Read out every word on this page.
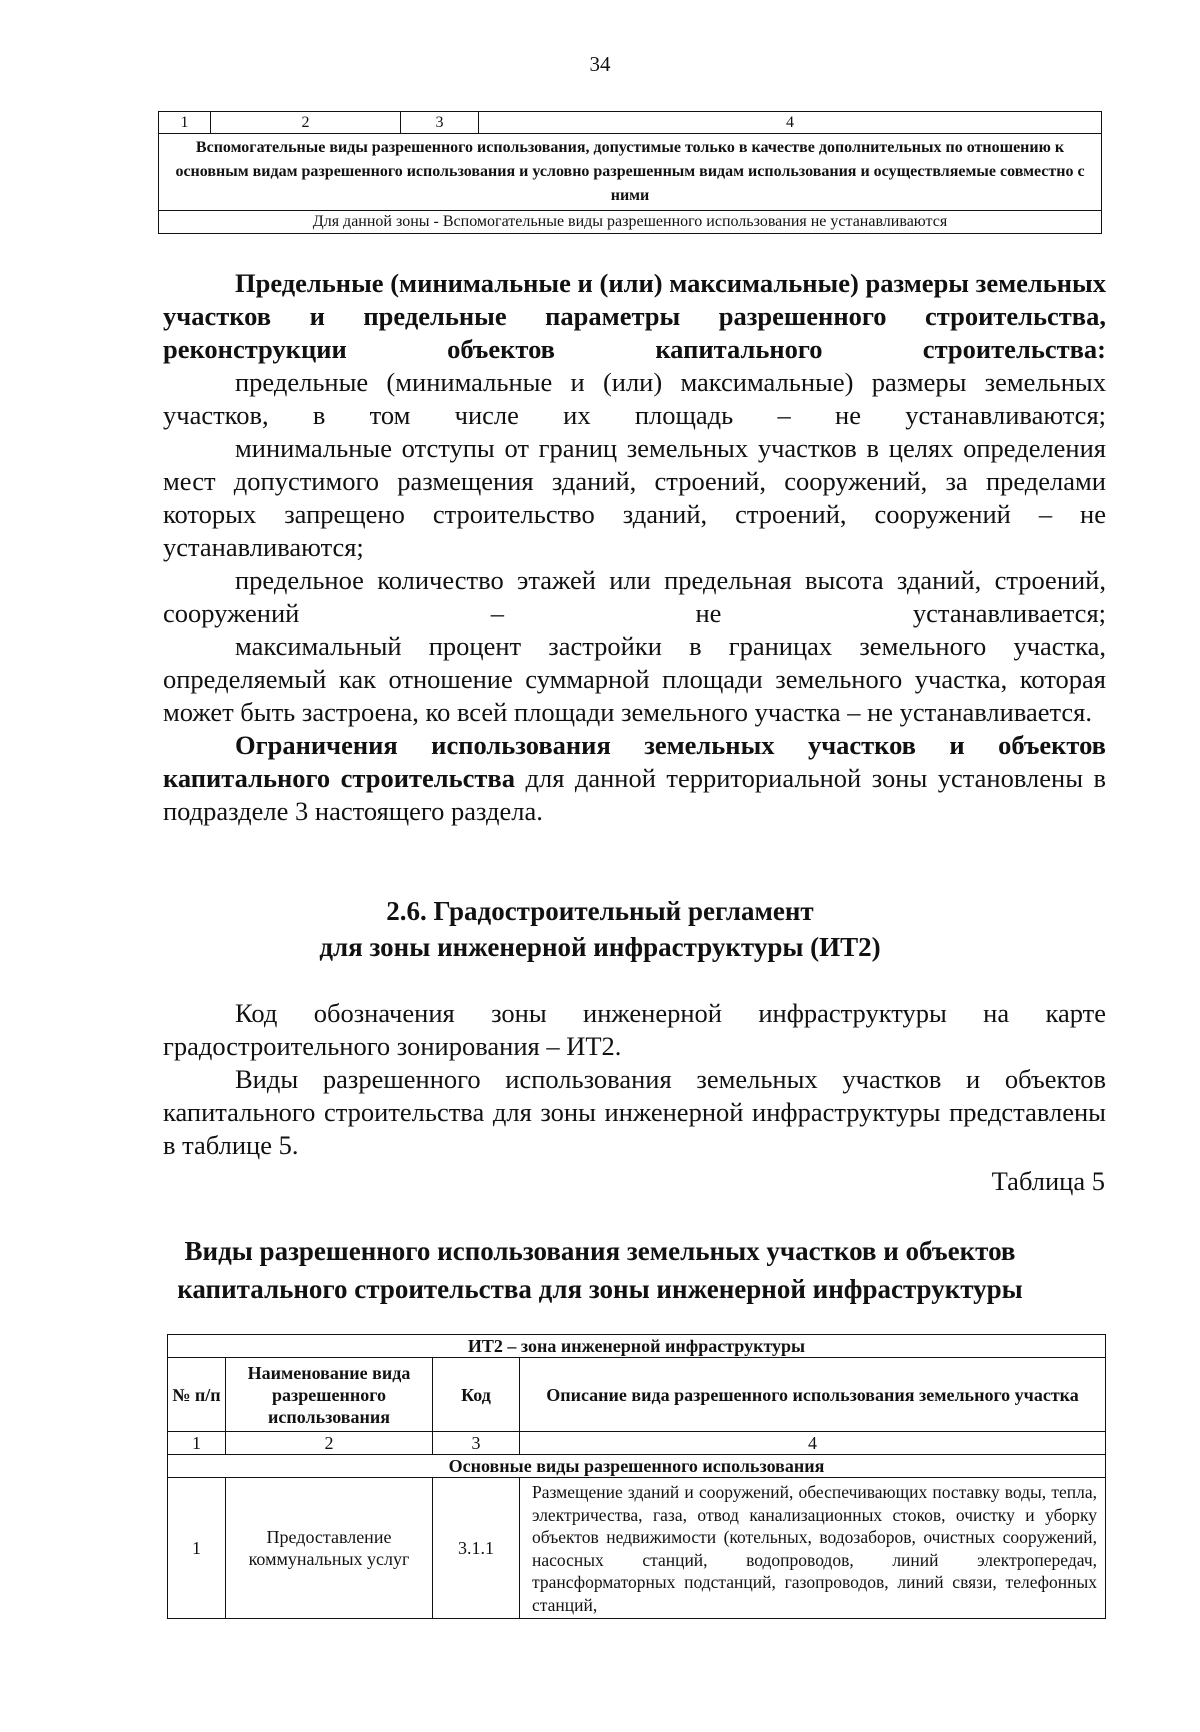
34
1	2	3	4
Вспомогательные виды разрешенного использования, допустимые только в качестве дополнительных по отношению к основным видам разрешенного использования и условно разрешенным видам использования и осуществляемые совместно с ними
Для данной зоны - Вспомогательные виды разрешенного использования не устанавливаются

Предельные (минимальные и (или) максимальные) размеры земельных участков и предельные параметры разрешенного строительства, реконструкции объектов капитального строительства:

предельные (минимальные и (или) максимальные) размеры земельных участков, в том числе их площадь – не устанавливаются;

минимальные отступы от границ земельных участков в целях определения мест допустимого размещения зданий, строений, сооружений, за пределами которых запрещено строительство зданий, строений, сооружений – не устанавливаются;

предельное количество этажей или предельная высота зданий, строений, сооружений – не устанавливается;

максимальный процент застройки в границах земельного участка, определяемый как отношение суммарной площади земельного участка, которая может быть застроена, ко всей площади земельного участка – не устанавливается.

Ограничения использования земельных участков и объектов капитального строительства для данной территориальной зоны установлены в подразделе 3 настоящего раздела.

2.6. Градостроительный регламент
для зоны инженерной инфраструктуры (ИТ2)

Код обозначения зоны инженерной инфраструктуры на карте градостроительного зонирования – ИТ2.

Виды разрешенного использования земельных участков и объектов капитального строительства для зоны инженерной инфраструктуры представлены в таблице 5.

Таблица 5
Виды разрешенного использования земельных участков и объектов
капитального строительства для зоны инженерной инфраструктуры
ИТ2 – зона инженерной инфраструктуры			
№ п/п	Наименование вида разрешенного использования	Код	Описание вида разрешенного использования земельного участка
1	2	3	4
Основные виды разрешенного использования			
1	Предоставление коммунальных услуг	3.1.1	Размещение зданий и сооружений, обеспечивающих поставку воды, тепла, электричества, газа, отвод канализационных стоков, очистку и уборку объектов недвижимости (котельных, водозаборов, очистных сооружений, насосных станций, водопроводов, линий электропередач, трансформаторных подстанций, газопроводов, линий связи, телефонных станций,
